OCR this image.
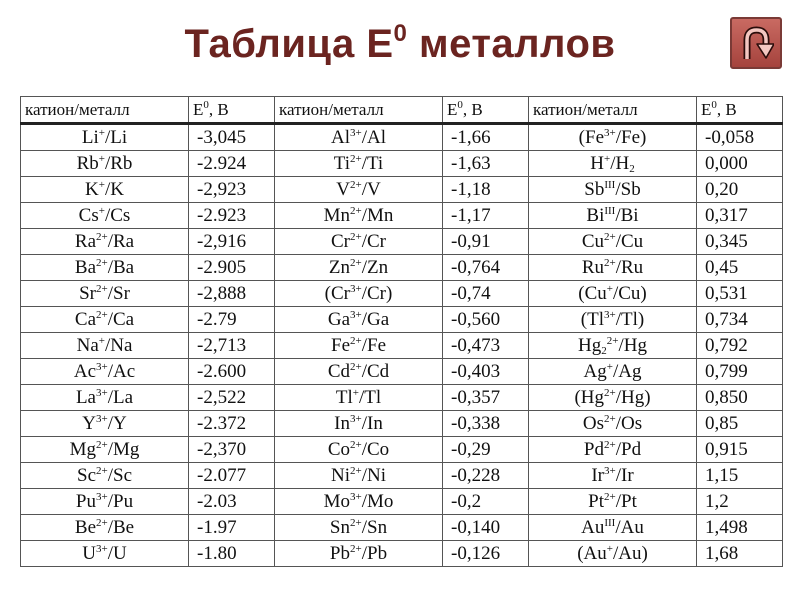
Таблица $Е^0$ металлов
катион/металл	$E^0$, В	катион/металл	$E^0$, В	катион/металл	$E^0$, В
Li+/Li	-3,045	$Al^{3+}/Al$	-1,66	$(Fe^{3+}/Fe)$	-0,058
Rb+/Rb	-2.924	$Ti^{2+}/Ti$	-1,63	$H^+/H_2$	0,000
K+/K	-2,923	$V^{2+}/V$	-1,18	$Sb^{III}/Sb$	0,20
Cs+/Cs	-2.923	$Mn^{2+}/Mn$	-1,17	$Bi^{III}/Bi$	0,317
$Ra^{2+}/Ra$	-2,916	$Cr^{2+}/Cr$	-0,91	$Cu^{2+}/Cu$	0,345
$Ba^{2+}/Ba$	-2.905	$Zn^{2+}/Zn$	-0,764	$Ru^{2+}/Ru$	0,45
$Sr^{2+}/Sr$	-2,888	$(Cr^{3+}/Cr)$	-0,74	(Cu+/Cu)	0,531
$Ca^{2+}/Ca$	-2.79	$Ga^{3+}/Ga$	-0,560	$(Tl^{3+}/Tl)$	0,734
Na+/Na	-2,713	$Fe^{2+}/Fe$	-0,473	$Hg_2^{2+}/Hg$	0,792
$Ac^{3+}/Ac$	-2.600	$Cd^{2+}/Cd$	-0,403	Ag+/Ag	0,799
$La^{3+}/La$	-2,522	Tl+/Tl	-0,357	$(Hg^{2+}/Hg)$	0,850
$Y^{3+}/Y$	-2.372	$In^{3+}/In$	-0,338	$Os^{2+}/Os$	0,85
$Mg^{2+}/Mg$	-2,370	$Co^{2+}/Co$	-0,29	$Pd^{2+}/Pd$	0,915
$Sc^{2+}/Sc$	-2.077	$Ni^{2+}/Ni$	-0,228	$Ir^{3+}/Ir$	1,15
$Pu^{3+}/Pu$	-2.03	$Mo^{3+}/Mo$	-0,2	$Pt^{2+}/Pt$	1,2
$Be^{2+}/Be$	-1.97	$Sn^{2+}/Sn$	-0,140	$Au^{III}/Au$	1,498
$U^{3+}/U$	-1.80	$Pb^{2+}/Pb$	-0,126	(Au+/Au)	1,68
